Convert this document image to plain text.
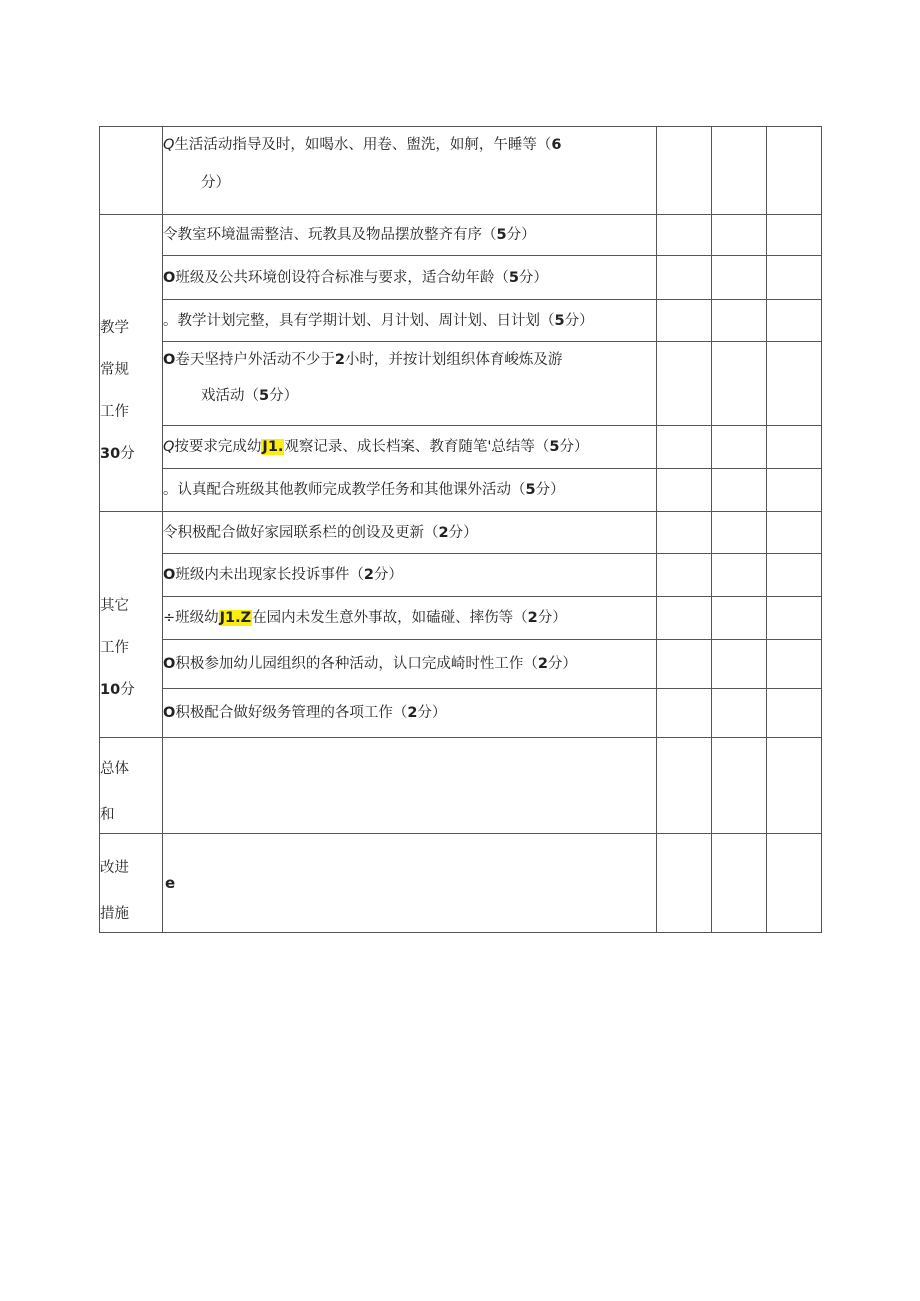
	Q生活活动指导及时，如喝水、用卷、盥洗，如舸，午睡等（6
分）			

教学
常规
工作
30分	令教室环境温需整洁、玩教具及物品摆放整齐有序（5分）			

	O班级及公共环境创设符合标准与要求，适合幼年龄（5分）			

	。教学计划完整，具有学期计划、月计划、周计划、日计划（5分）			

	O卷天坚持户外活动不少于2小时，并按计划组织体育峻炼及游
戏活动（5分）			

	Q按要求完成幼J1.观察记录、成长档案、教育随笔'总结等（5分）			

	。认真配合班级其他教师完成教学任务和其他课外活动（5分）			

其它
工作
10分	令积极配合做好家园联系栏的创设及更新（2分）			

	O班级内未出现家长投诉事件（2分）			

	÷班级幼J1.Z在园内未发生意外事故，如磕碰、摔伤等（2分）			

	O积极参加幼儿园组织的各种活动，认口完成崎时性工作（2分）			

	O积极配合做好级务管理的各项工作（2分）			

总体
和				

改进
措施	e			
